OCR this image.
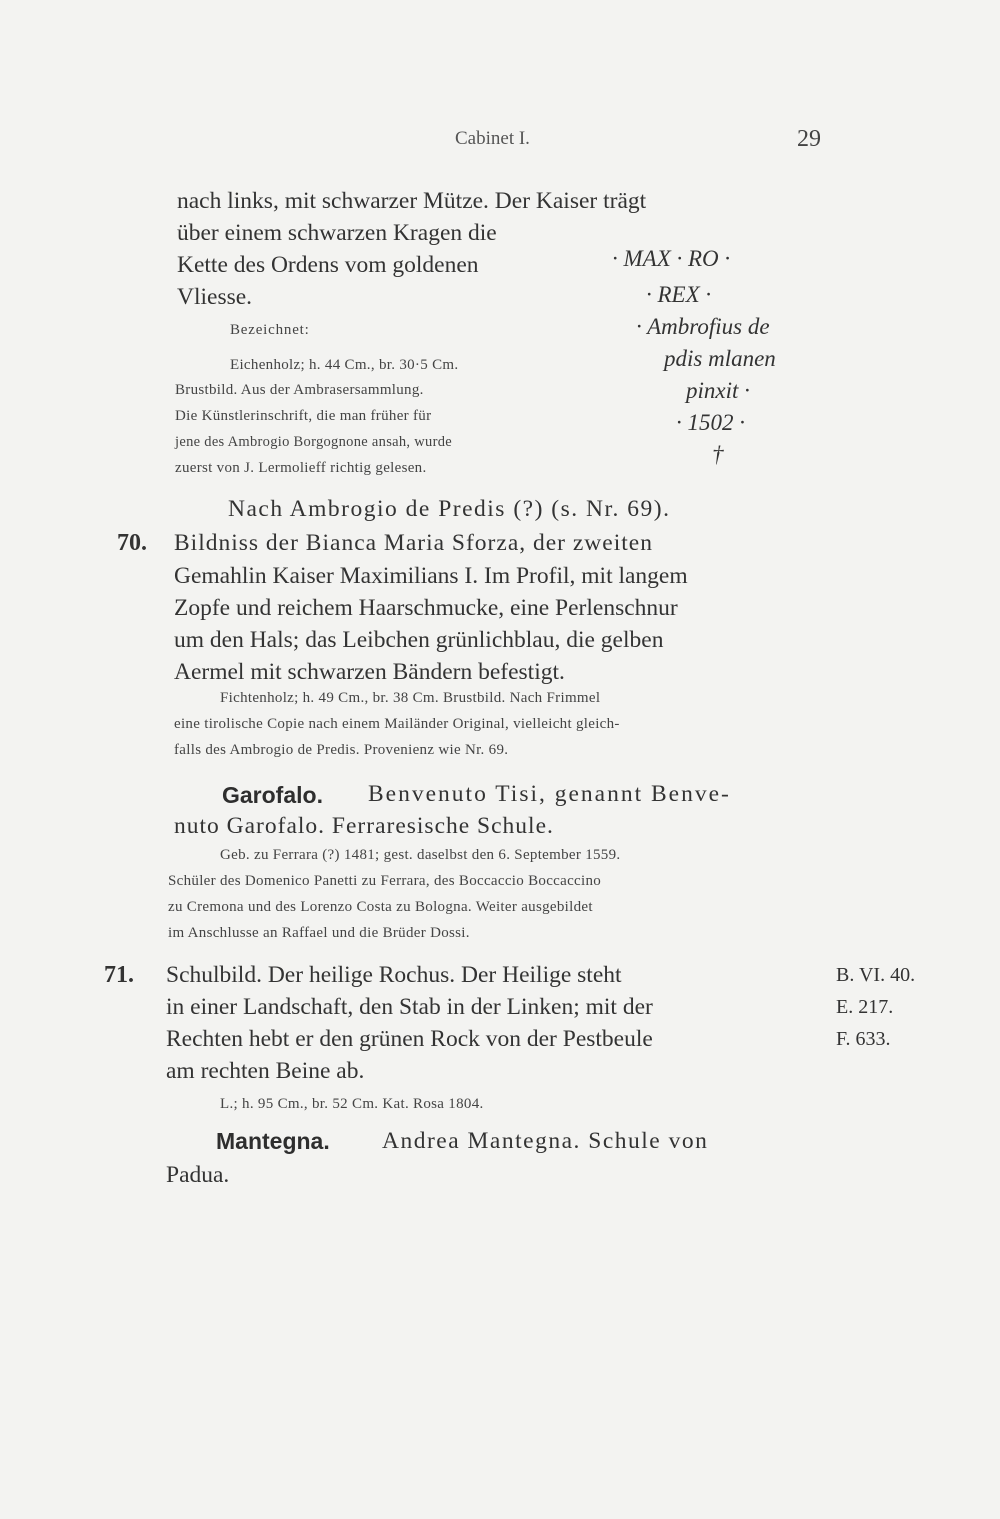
Cabinet I.	29
nach links, mit schwarzer Mütze. Der Kaiser trägt
über einem schwarzen Kragen die
Kette des Ordens vom goldenen
Vliesse.
Bezeichnet:
Eichenholz; h. 44 Cm., br. 30·5 Cm.
Brustbild. Aus der Ambrasersammlung.
Die Künstlerinschrift, die man früher für
jene des Ambrogio Borgognone ansah, wurde
zuerst von J. Lermolieff richtig gelesen.
· MAX · RO ·
· REX ·
· Ambrofius de
pdis mlanen
pinxit ·
· 1502 ·
†
Nach Ambrogio de Predis (?) (s. Nr. 69).
70. Bildniss der Bianca Maria Sforza, der zweiten
Gemahlin Kaiser Maximilians I. Im Profil, mit langem
Zopfe und reichem Haarschmucke, eine Perlenschnur
um den Hals; das Leibchen grünlichblau, die gelben
Aermel mit schwarzen Bändern befestigt.
Fichtenholz; h. 49 Cm., br. 38 Cm. Brustbild. Nach Frimmel
eine tirolische Copie nach einem Mailänder Original, vielleicht gleich-
falls des Ambrogio de Predis. Provenienz wie Nr. 69.
Garofalo. Benvenuto Tisi, genannt Benve-
nuto Garofalo. Ferraresische Schule.
Geb. zu Ferrara (?) 1481; gest. daselbst den 6. September 1559.
Schüler des Domenico Panetti zu Ferrara, des Boccaccio Boccaccino
zu Cremona und des Lorenzo Costa zu Bologna. Weiter ausgebildet
im Anschlusse an Raffael und die Brüder Dossi.
71. Schulbild. Der heilige Rochus. Der Heilige steht
in einer Landschaft, den Stab in der Linken; mit der
Rechten hebt er den grünen Rock von der Pestbeule
am rechten Beine ab.
B. VI. 40.
E. 217.
F. 633.
L.; h. 95 Cm., br. 52 Cm. Kat. Rosa 1804.
Mantegna. Andrea Mantegna. Schule von
Padua.
